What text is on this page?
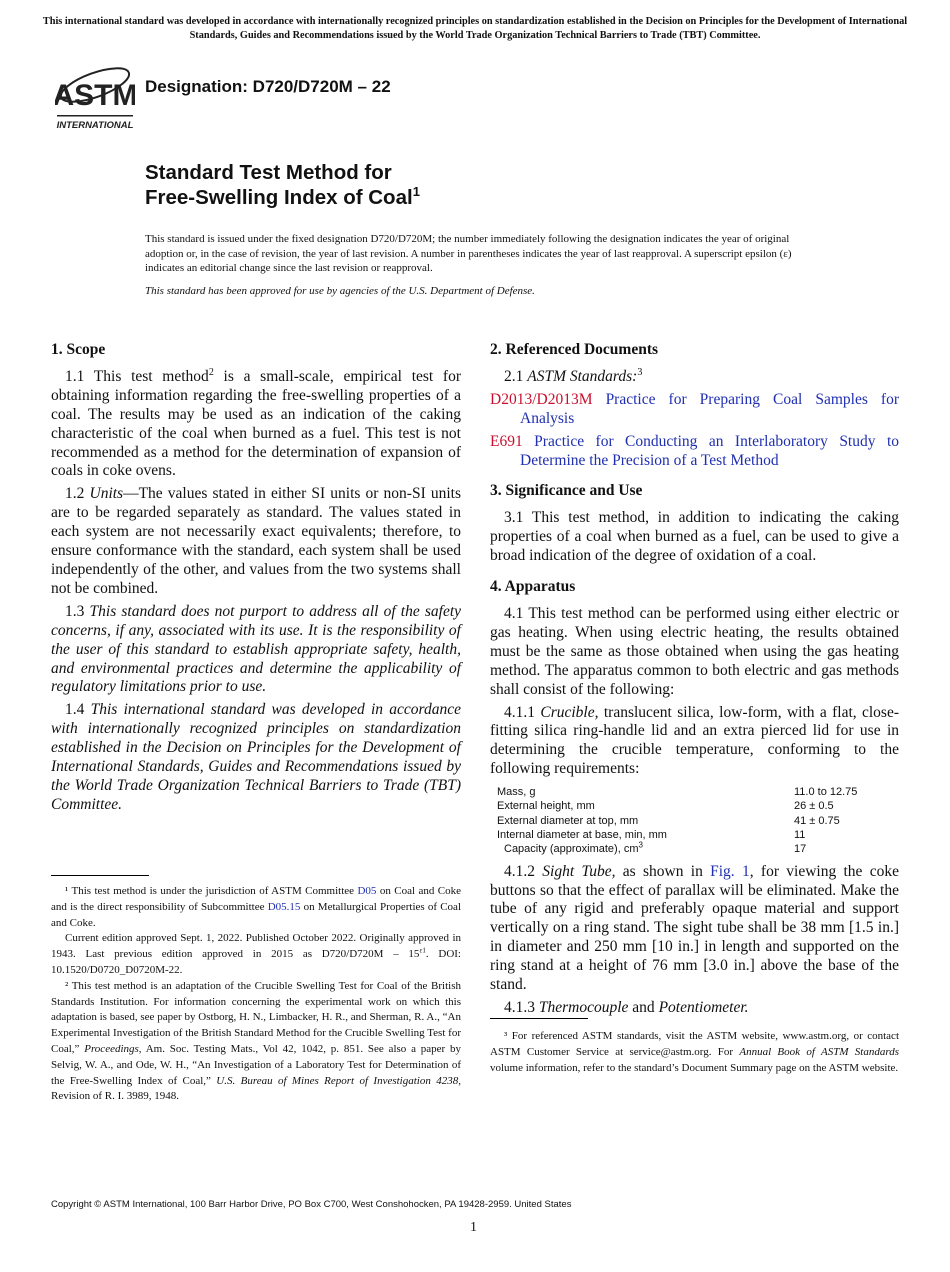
This international standard was developed in accordance with internationally recognized principles on standardization established in the Decision on Principles for the Development of International Standards, Guides and Recommendations issued by the World Trade Organization Technical Barriers to Trade (TBT) Committee.
ASTM
INTERNATIONAL
Designation: D720/D720M – 22
Standard Test Method for
Free-Swelling Index of Coal$^1$
This standard is issued under the fixed designation D720/D720M; the number immediately following the designation indicates the year of original adoption or, in the case of revision, the year of last revision. A number in parentheses indicates the year of last reapproval. A superscript epsilon (ε) indicates an editorial change since the last revision or reapproval.
This standard has been approved for use by agencies of the U.S. Department of Defense.
1. Scope

1.1 This test method$^2$ is a small-scale, empirical test for obtaining information regarding the free-swelling properties of a coal. The results may be used as an indication of the caking characteristic of the coal when burned as a fuel. This test is not recommended as a method for the determination of expansion of coals in coke ovens.

1.2 Units—The values stated in either SI units or non-SI units are to be regarded separately as standard. The values stated in each system are not necessarily exact equivalents; therefore, to ensure conformance with the standard, each system shall be used independently of the other, and values from the two systems shall not be combined.

1.3 This standard does not purport to address all of the safety concerns, if any, associated with its use. It is the responsibility of the user of this standard to establish appropriate safety, health, and environmental practices and determine the applicability of regulatory limitations prior to use.

1.4 This international standard was developed in accordance with internationally recognized principles on standardization established in the Decision on Principles for the Development of International Standards, Guides and Recommendations issued by the World Trade Organization Technical Barriers to Trade (TBT) Committee.

¹ This test method is under the jurisdiction of ASTM Committee D05 on Coal and Coke and is the direct responsibility of Subcommittee D05.15 on Metallurgical Properties of Coal and Coke.

Current edition approved Sept. 1, 2022. Published October 2022. Originally approved in 1943. Last previous edition approved in 2015 as $D720/D720M - 15^{\varepsilon 1}$. DOI: 10.1520/D0720_D0720M-22.

² This test method is an adaptation of the Crucible Swelling Test for Coal of the British Standards Institution. For information concerning the experimental work on which this adaptation is based, see paper by Ostborg, H. N., Limbacker, H. R., and Sherman, R. A., “An Experimental Investigation of the British Standard Method for the Crucible Swelling Test for Coal,” Proceedings, Am. Soc. Testing Mats., Vol 42, 1042, p. 851. See also a paper by Selvig, W. A., and Ode, W. H., “An Investigation of a Laboratory Test for Determination of the Free-Swelling Index of Coal,” U.S. Bureau of Mines Report of Investigation 4238, Revision of R. I. 3989, 1948.

2. Referenced Documents

2.1 ASTM Standards:$^3$

D2013/D2013M Practice for Preparing Coal Samples for Analysis

E691 Practice for Conducting an Interlaboratory Study to Determine the Precision of a Test Method

3. Significance and Use

3.1 This test method, in addition to indicating the caking properties of a coal when burned as a fuel, can be used to give a broad indication of the degree of oxidation of a coal.

4. Apparatus

4.1 This test method can be performed using either electric or gas heating. When using electric heating, the results obtained must be the same as those obtained when using the gas heating method. The apparatus common to both electric and gas methods shall consist of the following:

4.1.1 Crucible, translucent silica, low-form, with a flat, close-fitting silica ring-handle lid and an extra pierced lid for use in determining the crucible temperature, conforming to the following requirements:

Mass, g	11.0 to 12.75
External height, mm	26 ± 0.5
External diameter at top, mm	41 ± 0.75
Internal diameter at base, min, mm	11
Capacity (approximate), $cm^3$	17

4.1.2 Sight Tube, as shown in Fig. 1, for viewing the coke buttons so that the effect of parallax will be eliminated. Make the tube of any rigid and preferably opaque material and support vertically on a ring stand. The sight tube shall be 38 mm [1.5 in.] in diameter and 250 mm [10 in.] in length and supported on the ring stand at a height of 76 mm [3.0 in.] above the base of the stand.

4.1.3 Thermocouple and Potentiometer.

³ For referenced ASTM standards, visit the ASTM website, www.astm.org, or contact ASTM Customer Service at service@astm.org. For Annual Book of ASTM Standards volume information, refer to the standard’s Document Summary page on the ASTM website.

Copyright © ASTM International, 100 Barr Harbor Drive, PO Box C700, West Conshohocken, PA 19428-2959. United States
1
